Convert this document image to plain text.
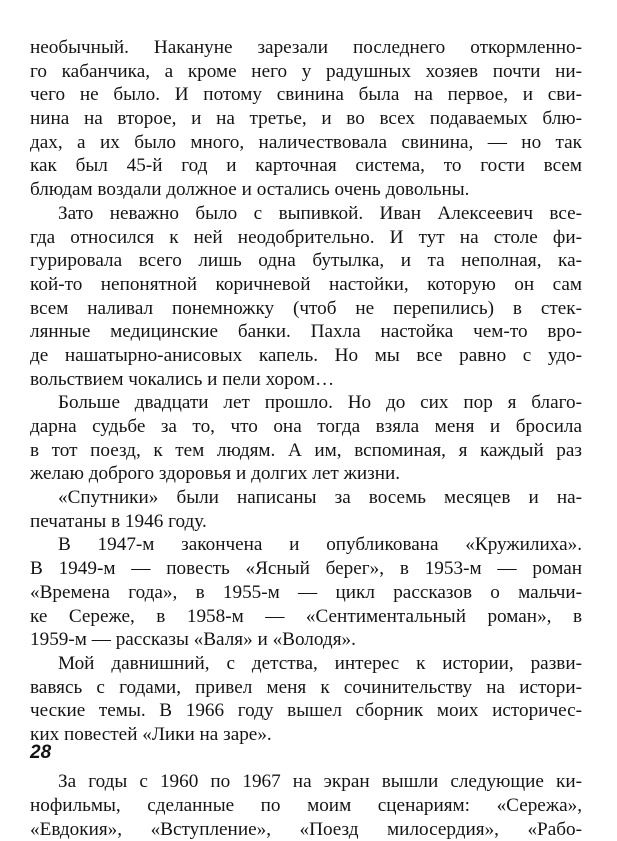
необычный. Накануне зарезали последнего откормленно-
го кабанчика, а кроме него у радушных хозяев почти ни-
чего не было. И потому свинина была на первое, и сви-
нина на второе, и на третье, и во всех подаваемых блю-
дах, а их было много, наличествовала свинина, — но так
как был 45-й год и карточная система, то гости всем
блюдам воздали должное и остались очень довольны.
Зато неважно было с выпивкой. Иван Алексеевич все-
гда относился к ней неодобрительно. И тут на столе фи-
гурировала всего лишь одна бутылка, и та неполная, ка-
кой-то непонятной коричневой настойки, которую он сам
всем наливал понемножку (чтоб не перепились) в стек-
лянные медицинские банки. Пахла настойка чем-то вро-
де нашатырно-анисовых капель. Но мы все равно с удо-
вольствием чокались и пели хором…
Больше двадцати лет прошло. Но до сих пор я благо-
дарна судьбе за то, что она тогда взяла меня и бросила
в тот поезд, к тем людям. А им, вспоминая, я каждый раз
желаю доброго здоровья и долгих лет жизни.
«Спутники» были написаны за восемь месяцев и на-
печатаны в 1946 году.
В 1947-м закончена и опубликована «Кружилиха».
В 1949-м — повесть «Ясный берег», в 1953-м — роман
«Времена года», в 1955-м — цикл рассказов о мальчи-
ке Сереже, в 1958-м — «Сентиментальный роман», в
1959-м — рассказы «Валя» и «Володя».
Мой давнишний, с детства, интерес к истории, разви-
вавясь с годами, привел меня к сочинительству на истори-
ческие темы. В 1966 году вышел сборник моих историчес-
ких повестей «Лики на заре».
За годы с 1960 по 1967 на экран вышли следующие ки-
нофильмы, сделанные по моим сценариям: «Сережа»,
«Евдокия», «Вступление», «Поезд милосердия», «Рабо-
28
